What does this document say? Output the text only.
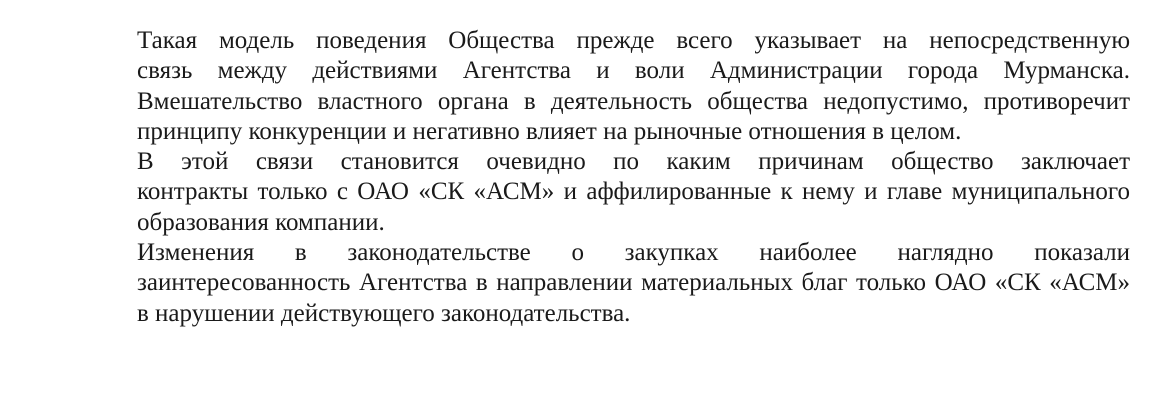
Такая модель поведения Общества прежде всего указывает на непосредственную
связь между действиями Агентства и воли Администрации города Мурманска.
Вмешательство властного органа в деятельность общества недопустимо, противоречит
принципу конкуренции и негативно влияет на рыночные отношения в целом.
В этой связи становится очевидно по каким причинам общество заключает
контракты только с ОАО «СК «АСМ» и аффилированные к нему и главе муниципального
образования компании.
Изменения в законодательстве о закупках наиболее наглядно показали
заинтересованность Агентства в направлении материальных благ только ОАО «СК «АСМ»
в нарушении действующего законодательства.
